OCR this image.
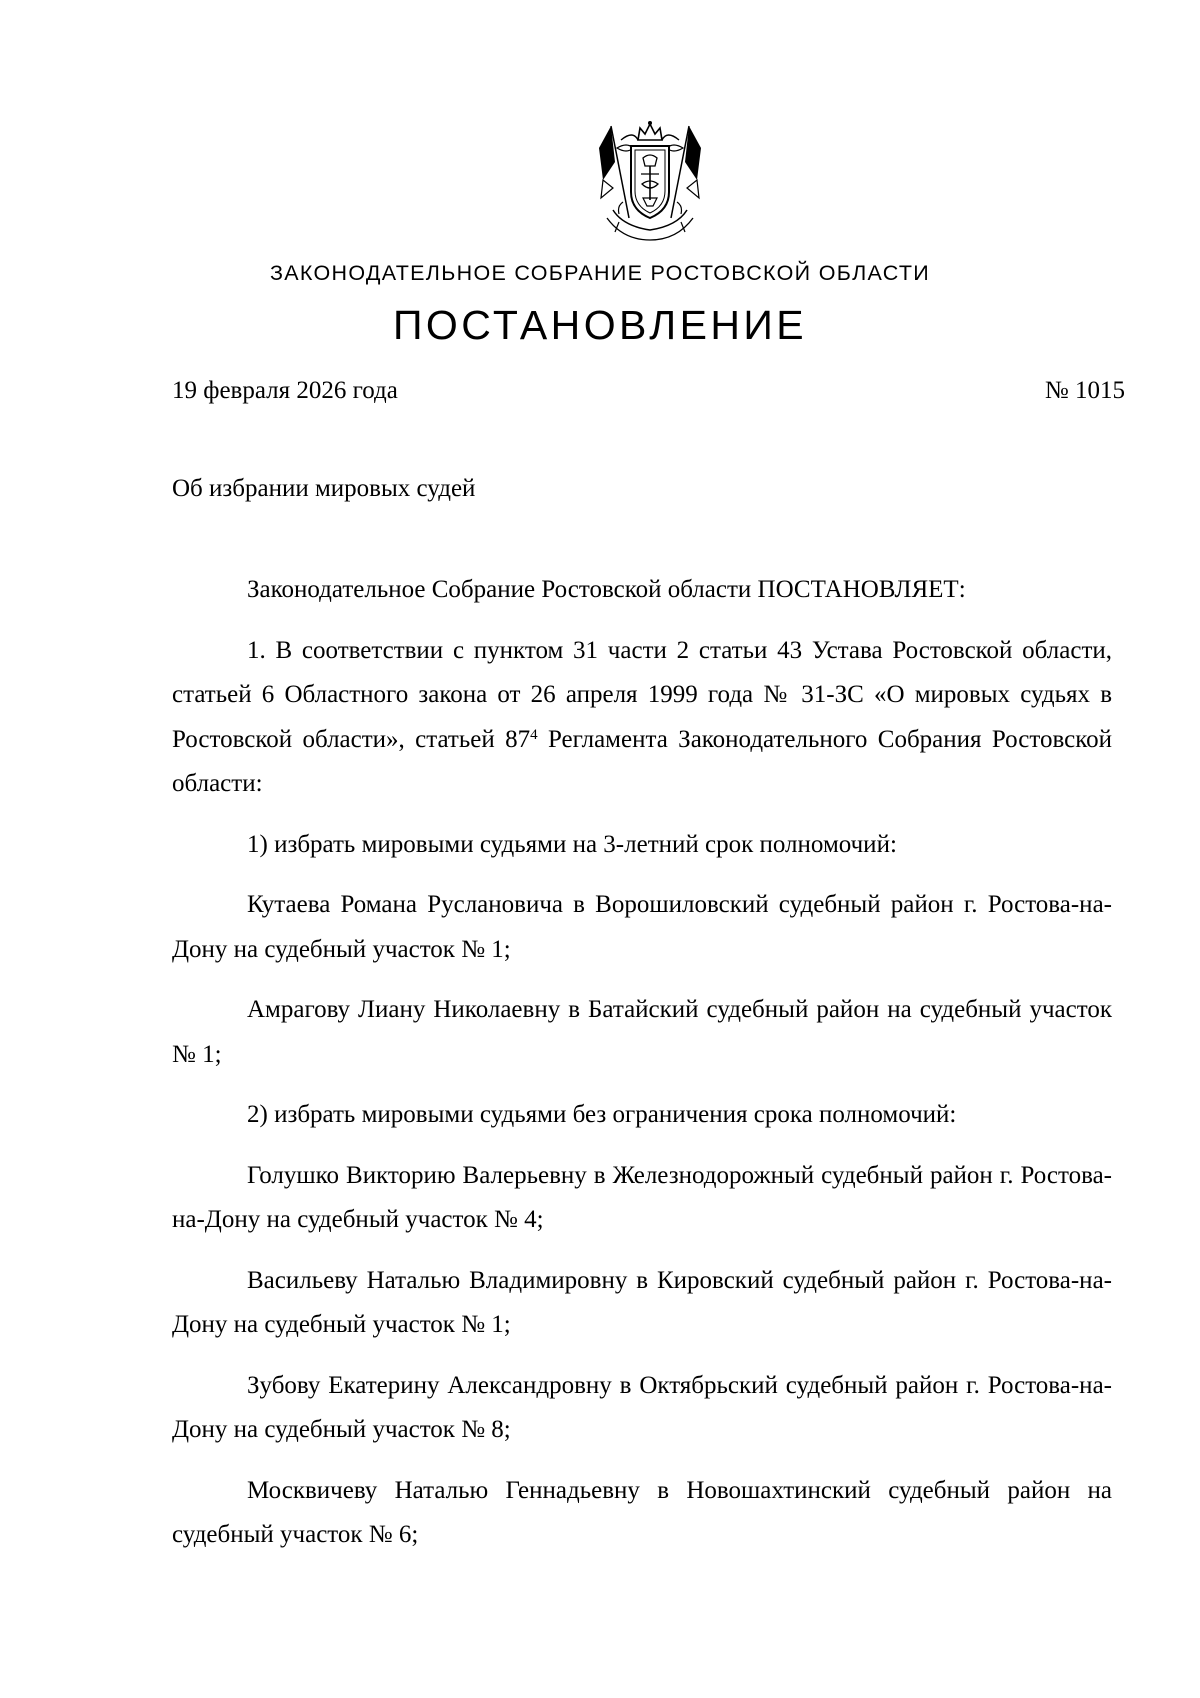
ЗАКОНОДАТЕЛЬНОЕ СОБРАНИЕ РОСТОВСКОЙ ОБЛАСТИ
ПОСТАНОВЛЕНИЕ
19 февраля 2026 года	№ 1015
Об избрании мировых судей

Законодательное Собрание Ростовской области ПОСТАНОВЛЯЕТ:

1. В соответствии с пунктом 31 части 2 статьи 43 Устава Ростовской области, статьей 6 Областного закона от 26 апреля 1999 года № 31-ЗС «О мировых судьях в Ростовской области», статьей $87^4$ Регламента Законодательного Собрания Ростовской области:

1) избрать мировыми судьями на 3-летний срок полномочий:

Кутаева Романа Руслановича в Ворошиловский судебный район г. Ростова-на-Дону на судебный участок № 1;

Амрагову Лиану Николаевну в Батайский судебный район на судебный участок № 1;

2) избрать мировыми судьями без ограничения срока полномочий:

Голушко Викторию Валерьевну в Железнодорожный судебный район г. Ростова-на-Дону на судебный участок № 4;

Васильеву Наталью Владимировну в Кировский судебный район г. Ростова-на-Дону на судебный участок № 1;

Зубову Екатерину Александровну в Октябрьский судебный район г. Ростова-на-Дону на судебный участок № 8;

Москвичеву Наталью Геннадьевну в Новошахтинский судебный район на судебный участок № 6;
